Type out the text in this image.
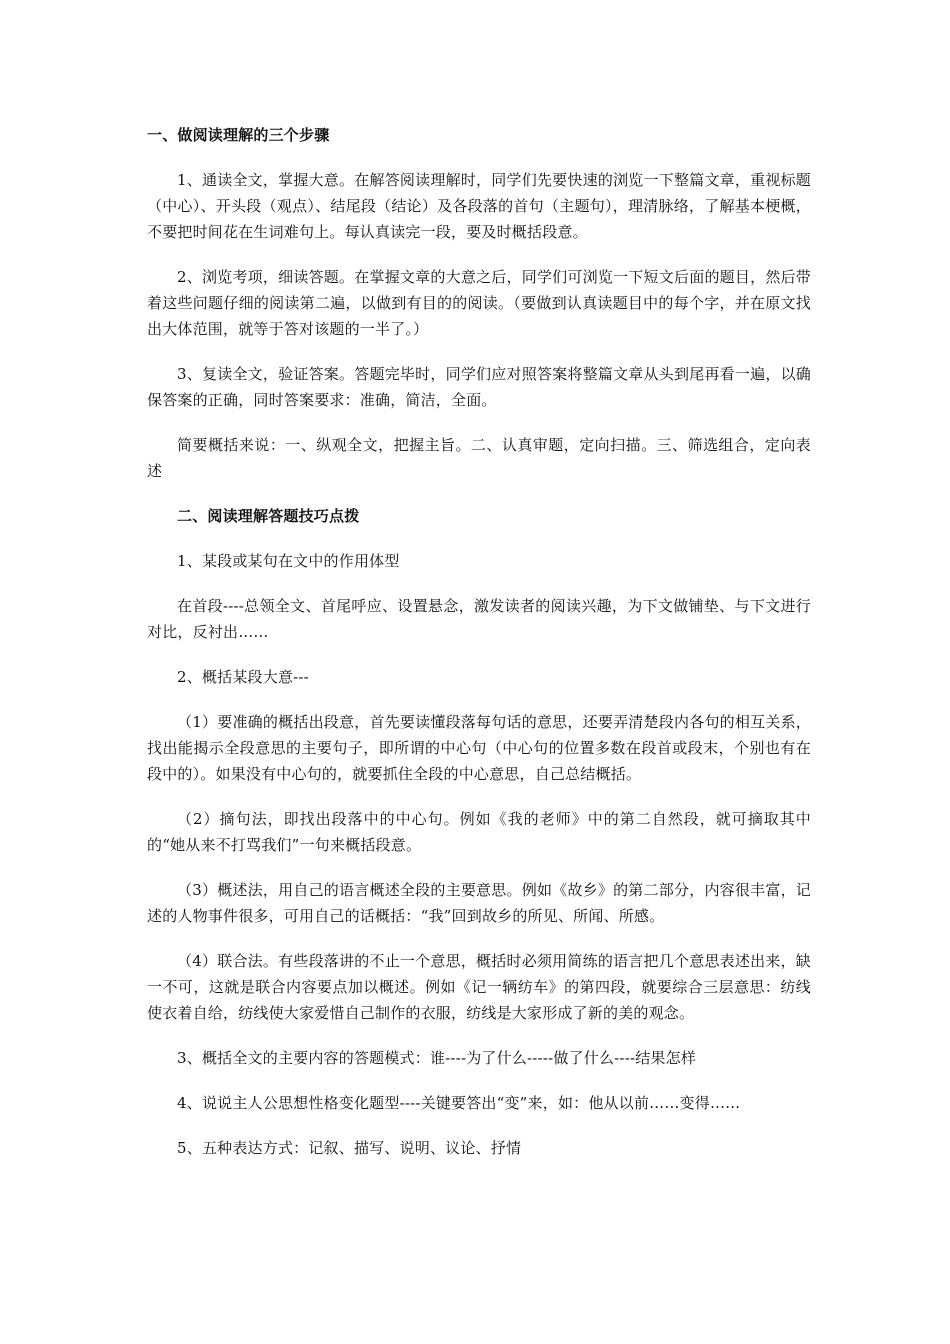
一、做阅读理解的三个步骤

1、通读全文，掌握大意。在解答阅读理解时，同学们先要快速的浏览一下整篇文章，重视标题（中心）、开头段（观点）、结尾段（结论）及各段落的首句（主题句），理清脉络，了解基本梗概，不要把时间花在生词难句上。每认真读完一段，要及时概括段意。

2、浏览考项，细读答题。在掌握文章的大意之后，同学们可浏览一下短文后面的题目，然后带着这些问题仔细的阅读第二遍，以做到有目的的阅读。（要做到认真读题目中的每个字，并在原文找出大体范围，就等于答对该题的一半了。）

3、复读全文，验证答案。答题完毕时，同学们应对照答案将整篇文章从头到尾再看一遍，以确保答案的正确，同时答案要求：准确，简洁，全面。

简要概括来说：一、纵观全文，把握主旨。二、认真审题，定向扫描。三、筛选组合，定向表述

二、阅读理解答题技巧点拨

1、某段或某句在文中的作用体型

在首段----总领全文、首尾呼应、设置悬念，激发读者的阅读兴趣，为下文做铺垫、与下文进行对比，反衬出……

2、概括某段大意---

（1）要准确的概括出段意，首先要读懂段落每句话的意思，还要弄清楚段内各句的相互关系，找出能揭示全段意思的主要句子，即所谓的中心句（中心句的位置多数在段首或段末，个别也有在段中的）。如果没有中心句的，就要抓住全段的中心意思，自己总结概括。

（2）摘句法，即找出段落中的中心句。例如《我的老师》中的第二自然段，就可摘取其中的“她从来不打骂我们”一句来概括段意。

（3）概述法，用自己的语言概述全段的主要意思。例如《故乡》的第二部分，内容很丰富，记述的人物事件很多，可用自己的话概括：“我”回到故乡的所见、所闻、所感。

（4）联合法。有些段落讲的不止一个意思，概括时必须用简练的语言把几个意思表述出来，缺一不可，这就是联合内容要点加以概述。例如《记一辆纺车》的第四段，就要综合三层意思：纺线使衣着自给，纺线使大家爱惜自己制作的衣服，纺线是大家形成了新的美的观念。

3、概括全文的主要内容的答题模式：谁----为了什么-----做了什么----结果怎样

4、说说主人公思想性格变化题型----关键要答出“变”来，如：他从以前……变得……

5、五种表达方式：记叙、描写、说明、议论、抒情
